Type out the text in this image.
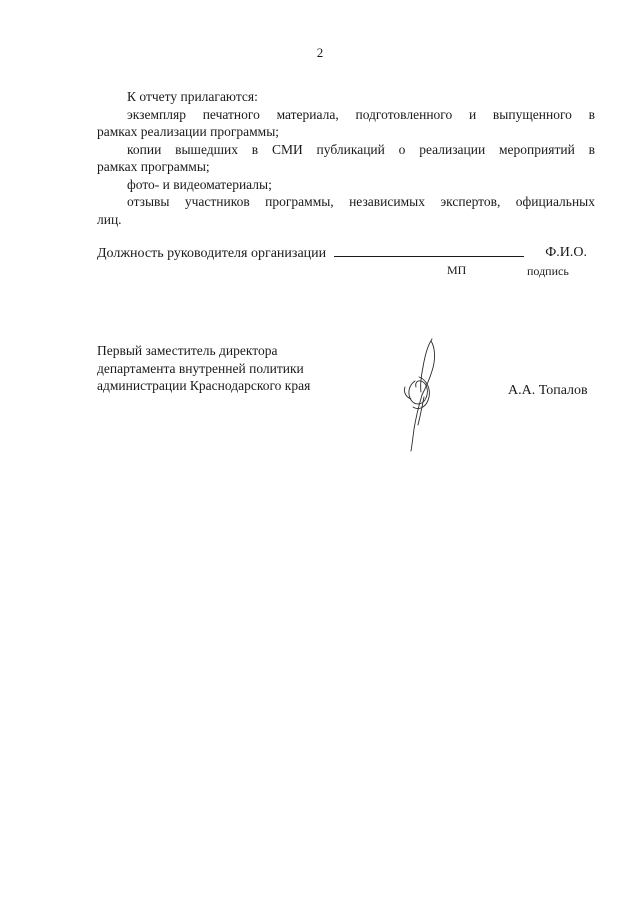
2

К отчету прилагаются:

экземпляр печатного материала, подготовленного и выпущенного в
рамках реализации программы;

копии вышедших в СМИ публикаций о реализации мероприятий в
рамках программы;

фото- и видеоматериалы;

отзывы участников программы, независимых экспертов, официальных
лиц.

Должность руководителя организации	Ф.И.О.
МП	подпись
Первый заместитель директора
департамента внутренней политики
администрации Краснодарского края	А.А. Топалов
